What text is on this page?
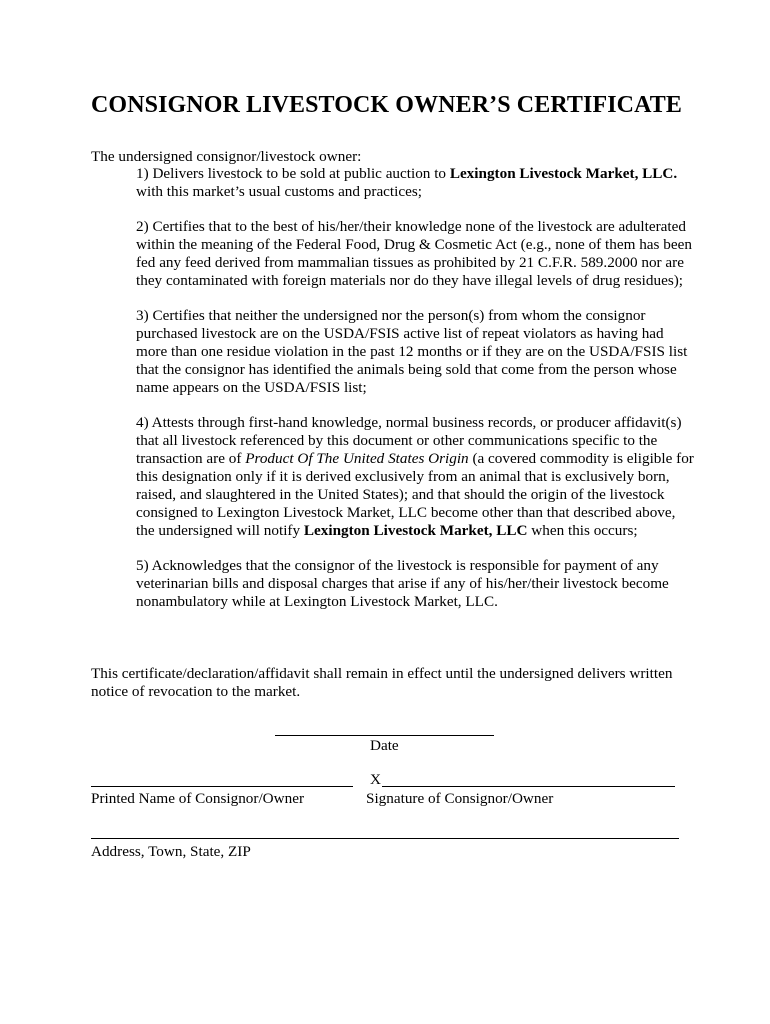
CONSIGNOR LIVESTOCK OWNER’S CERTIFICATE
The undersigned consignor/livestock owner:

1) Delivers livestock to be sold at public auction to Lexington Livestock Market, LLC. with this market’s usual customs and practices;

2) Certifies that to the best of his/her/their knowledge none of the livestock are adulterated within the meaning of the Federal Food, Drug & Cosmetic Act (e.g., none of them has been fed any feed derived from mammalian tissues as prohibited by 21 C.F.R. 589.2000 nor are they contaminated with foreign materials nor do they have illegal levels of drug residues);

3) Certifies that neither the undersigned nor the person(s) from whom the consignor purchased livestock are on the USDA/FSIS active list of repeat violators as having had more than one residue violation in the past 12 months or if they are on the USDA/FSIS list that the consignor has identified the animals being sold that come from the person whose name appears on the USDA/FSIS list;

4) Attests through first-hand knowledge, normal business records, or producer affidavit(s) that all livestock referenced by this document or other communications specific to the transaction are of Product Of The United States Origin (a covered commodity is eligible for this designation only if it is derived exclusively from an animal that is exclusively born, raised, and slaughtered in the United States); and that should the origin of the livestock consigned to Lexington Livestock Market, LLC become other than that described above, the undersigned will notify Lexington Livestock Market, LLC when this occurs;

5) Acknowledges that the consignor of the livestock is responsible for payment of any veterinarian bills and disposal charges that arise if any of his/her/their livestock become nonambulatory while at Lexington Livestock Market, LLC.

This certificate/declaration/affidavit shall remain in effect until the undersigned delivers written notice of revocation to the market.

Date
Printed Name of Consignor/Owner
X
Signature of Consignor/Owner
Address, Town, State, ZIP
